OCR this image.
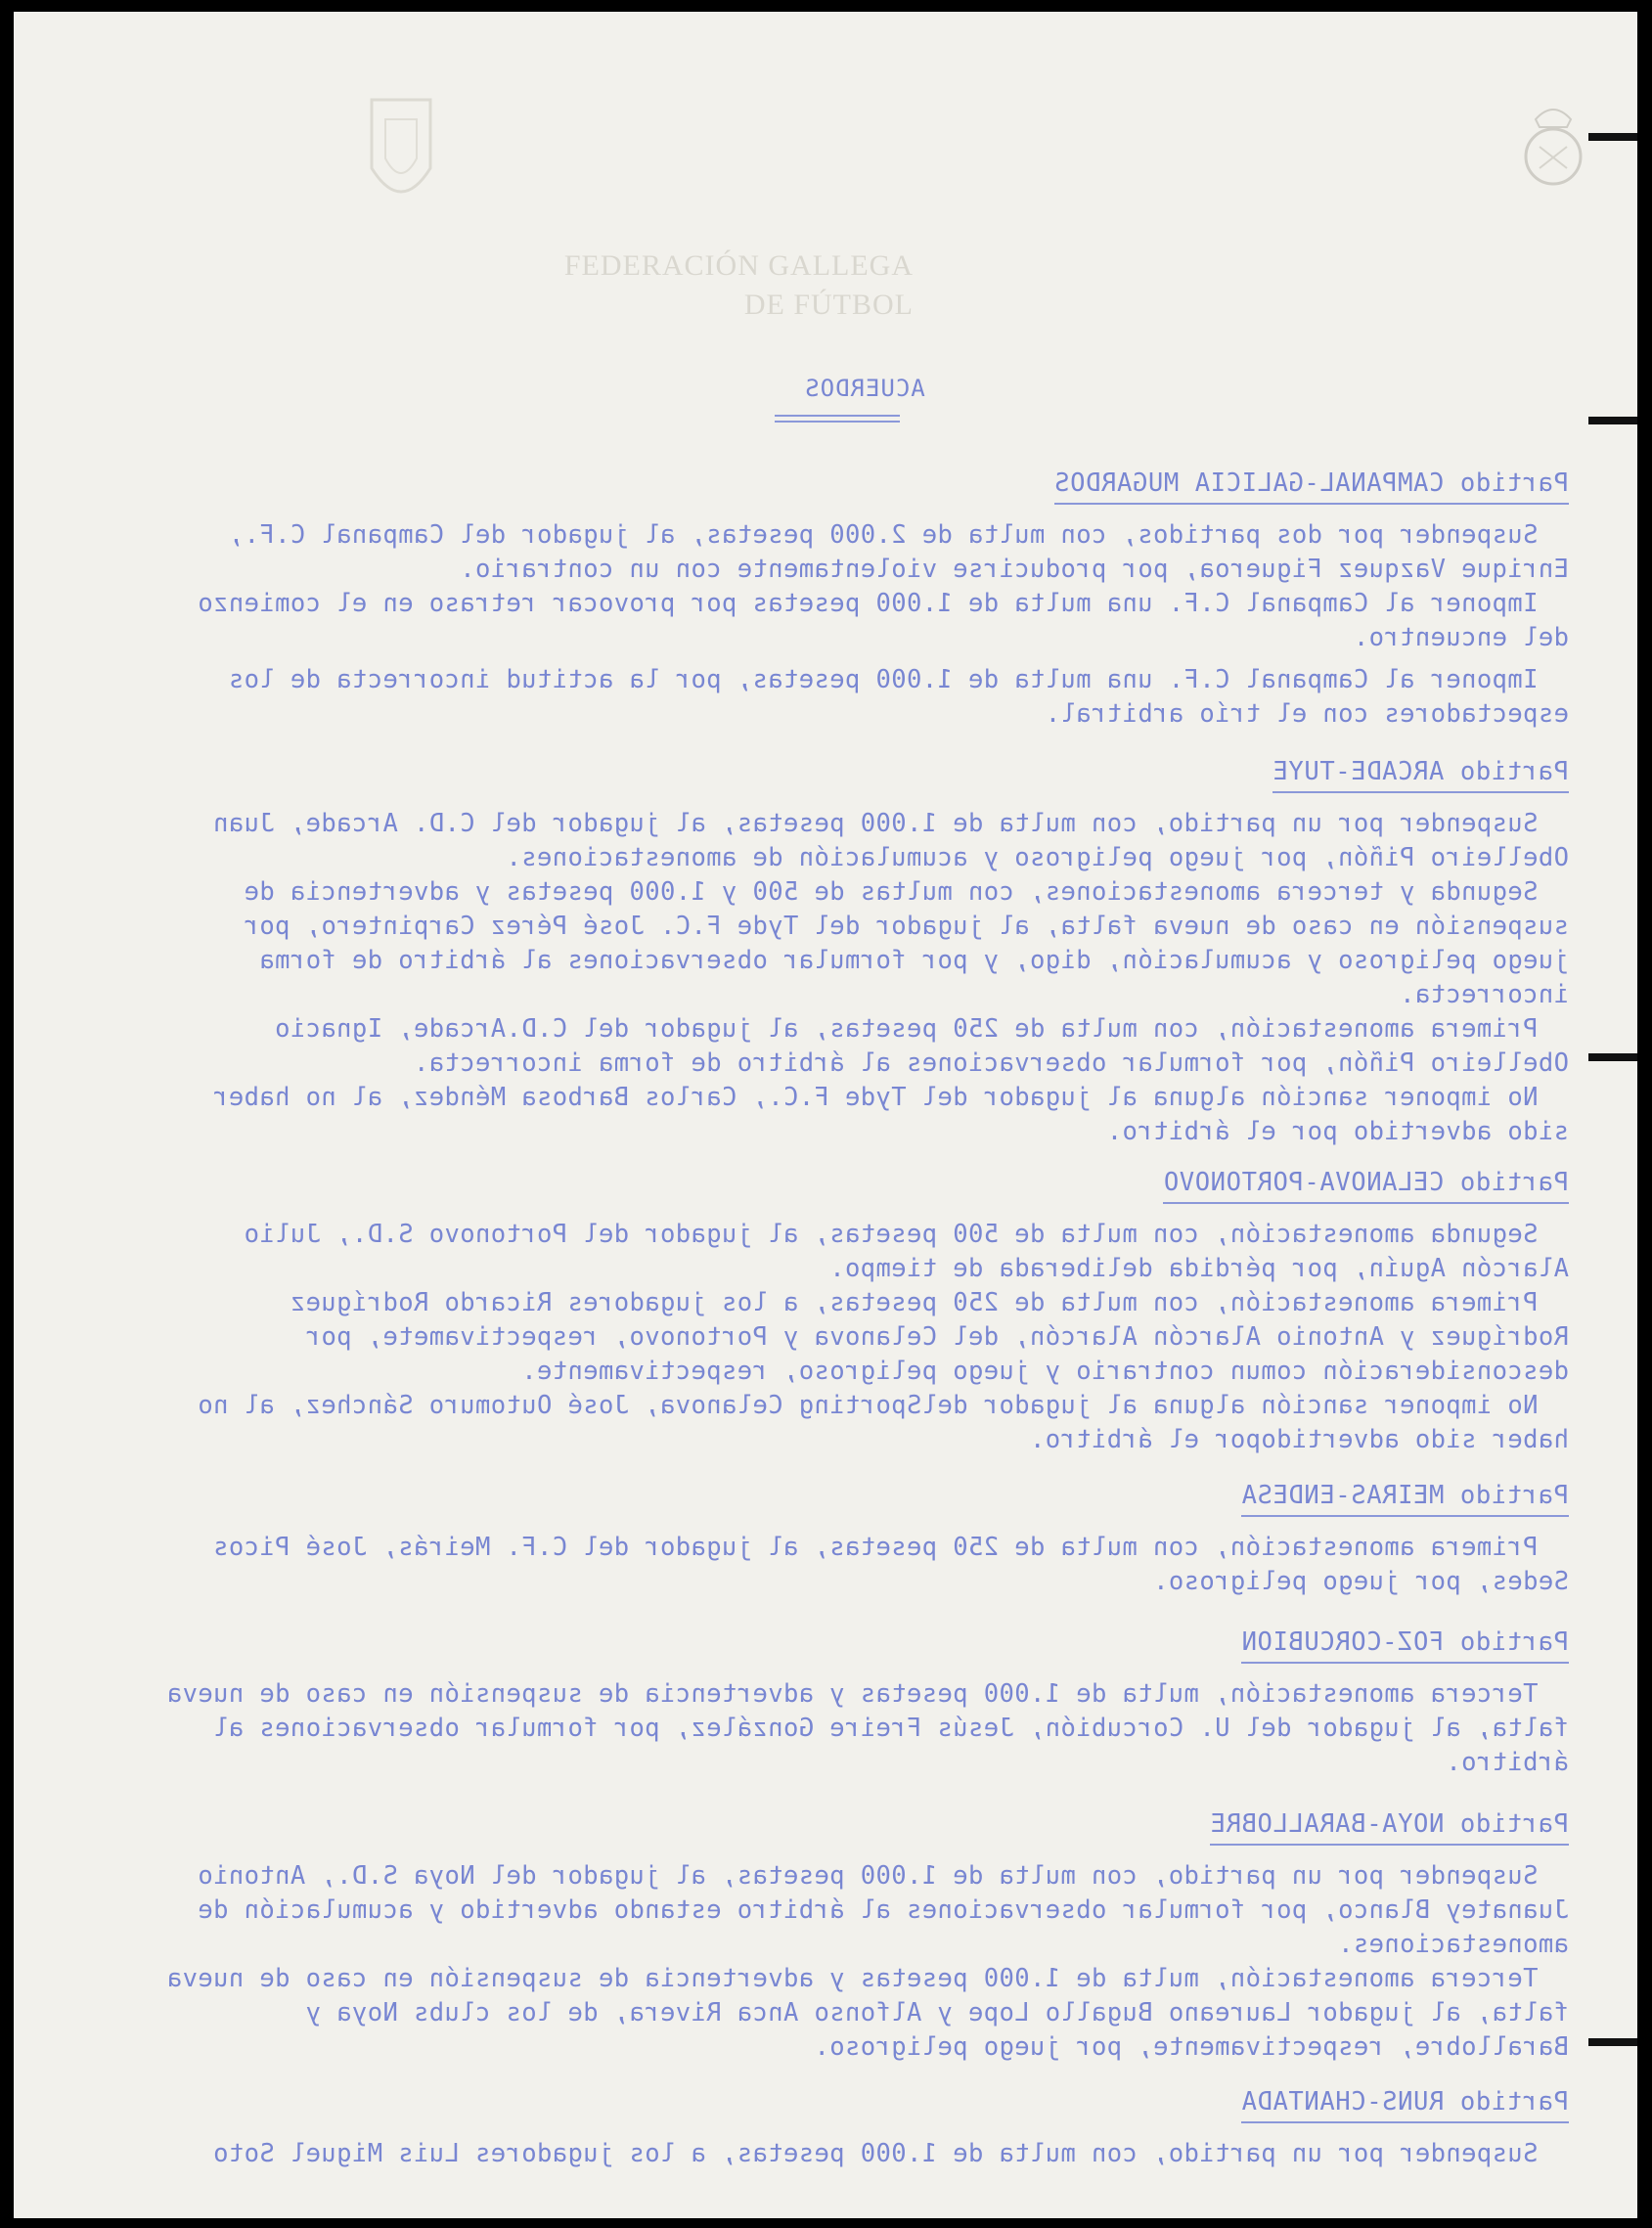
FEDERACIÓN GALLEGA
DE FÚTBOL
ACUERDOS
Partido CAMPANAL-GALICIA MUGARDOS

Suspender por dos partidos, con multa de 2.000 pesetas, al jugador del Campanal C.F., Enrique Vazquez Figueroa, por producirse violentamente con un contrario.

Imponer al Campanal C.F. una multa de 1.000 pesetas por provocar retraso en el comienzo del encuentro.

Imponer al Campanal C.F. una multa de 1.000 pesetas, por la actitud incorrecta de los espectadores con el trío arbitral.

Partido ARCADE-TUYE

Suspender por un partido, con multa de 1.000 pesetas, al jugador del C.D. Arcade, Juan Obelleiro Piñón, por juego peligroso y acumulación de amonestaciones.

Segunda y tercera amonestaciones, con multas de 500 y 1.000 pesetas y advertencia de suspensión en caso de nueva falta, al jugador del Tyde F.C. José Pérez Carpintero, por juego peligroso y acumulación, digo, y por formular observaciones al árbitro de forma incorrecta.

Primera amonestación, con multa de 250 pesetas, al jugador del C.D.Arcade, Ignacio Obelleiro Piñón, por formular observaciones al árbitro de forma incorrecta.

No imponer sanción alguna al jugador del Tyde F.C., Carlos Barbosa Méndez, al no haber sido advertido por el árbitro.

Partido CELANOVA-PORTONOVO

Segunda amonestación, con multa de 500 pesetas, al jugador del Portonovo S.D., Julio Alarcón Aguín, por pérdida deliberada de tiempo.

Primera amonestación, con multa de 250 pesetas, a los jugadores Ricardo Rodríguez Rodríguez y Antonio Alarcón Alarcón, del Celanova y Portonovo, respectivamete, por desconsideración comun contrario y juego peligroso, respectivamente.

No imponer sanción alguna al jugador delSporting Celanova, José Outomuro Sánchez, al no haber sido advertidopor el árbitro.

Partido MEIRAS-ENDESA

Primera amonestación, con multa de 250 pesetas, al jugador del C.F. Meirás, José Picos Sedes, por juego peligroso.

Partido FOZ-CORCUBION

Tercera amonestación, multa de 1.000 pesetas y advertencia de suspensión en caso de nueva falta, al jugador del U. Corcubión, Jesús Freire González, por formular observaciones al árbitro.

Partido NOYA-BARALLOBRE

Suspender por un partido, con multa de 1.000 pesetas, al jugador del Noya S.D., Antonio Juanatey Blanco, por formular observaciones al árbitro estando advertido y acumulación de amonestaciones.

Tercera amonestación, multa de 1.000 pesetas y advertencia de suspensión en caso de nueva falta, al jugador Laureano Bugallo Lope y Alfonso Anca Rivera, de los clubs Noya y Barallobre, respectivamente, por juego peligroso.

Partido RUNS-CHANTADA

Suspender por un partido, con multa de 1.000 pesetas, a los jugadores Luis Miguel Soto
